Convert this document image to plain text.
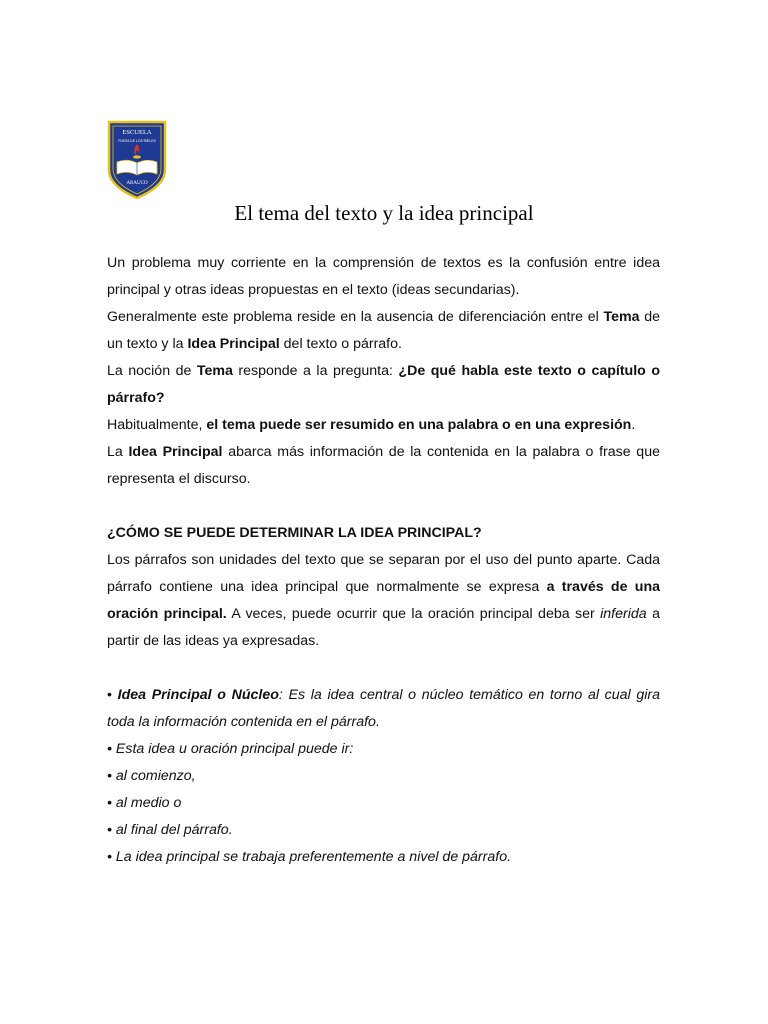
ESCUELA
PUNTA DE LOS RIELES
ARAUCO
El tema del texto y la idea principal

Un problema muy corriente en la comprensión de textos es la confusión entre idea principal y otras ideas propuestas en el texto (ideas secundarias).

Generalmente este problema reside en la ausencia de diferenciación entre el Tema de un texto y la Idea Principal del texto o párrafo.

La noción de Tema responde a la pregunta: ¿De qué habla este texto o capítulo o párrafo?

Habitualmente, el tema puede ser resumido en una palabra o en una expresión.

La Idea Principal abarca más información de la contenida en la palabra o frase que representa el discurso.

¿CÓMO SE PUEDE DETERMINAR LA IDEA PRINCIPAL?

Los párrafos son unidades del texto que se separan por el uso del punto aparte. Cada párrafo contiene una idea principal que normalmente se expresa a través de una oración principal. A veces, puede ocurrir que la oración principal deba ser inferida a partir de las ideas ya expresadas.

• Idea Principal o Núcleo: Es la idea central o núcleo temático en torno al cual gira toda la información contenida en el párrafo.

• Esta idea u oración principal puede ir:

• al comienzo,

• al medio o

• al final del párrafo.

• La idea principal se trabaja preferentemente a nivel de párrafo.
